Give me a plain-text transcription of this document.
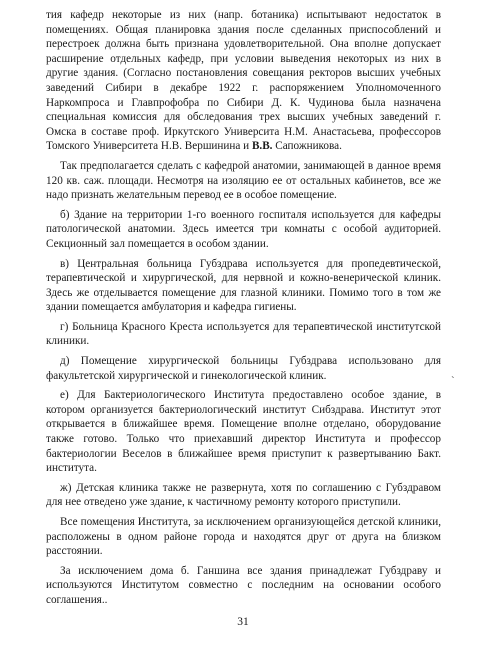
тия кафедр некоторые из них (напр. ботаника) испытывают недостаток в помещениях. Общая планировка здания после сделанных приспособлений и перестроек должна быть признана удовлетворительной. Она вполне допускает расширение отдельных кафедр, при условии выведения некоторых из них в другие здания. (Согласно постановления совещания ректоров высших учебных заведений Сибири в декабре 1922 г. распоряжением Уполномоченного Наркомпроса и Главпрофобра по Сибири Д. К. Чудинова была назначена специальная комиссия для обследования трех высших учебных заведений г. Омска в составе проф. Иркутского Университа Н.М. Анастасьева, профессоров Томского Университета Н.В. Вершинина и В.В. Сапожникова.

Так предполагается сделать с кафедрой анатомии, занимающей в данное время 120 кв. саж. площади. Несмотря на изоляцию ее от остальных кабинетов, все же надо признать желательным перевод ее в особое помещение.

б) Здание на территории 1-го военного госпиталя используется для кафедры патологической анатомии. Здесь имеется три комнаты с особой аудиторией. Секционный зал помещается в особом здании.

в) Центральная больница Губздрава используется для пропедевтической, терапевтической и хирургической, для нервной и кожно-венерической клиник. Здесь же отделывается помещение для глазной клиники. Помимо того в том же здании помещается амбулатория и кафедра гигиены.

г) Больница Красного Креста используется для терапевтической институтской клиники.

д) Помещение хирургической больницы Губздрава использовано для факультетской хирургической и гинекологической клиник.

е) Для Бактериологического Института предоставлено особое здание, в котором организуется бактериологический институт Сибздрава. Институт этот открывается в ближайшее время. Помещение вполне отделано, оборудование также готово. Только что приехавший директор Института и профессор бактериологии Веселов в ближайшее время приступит к развертыванию Бакт. института.

ж) Детская клиника также не развернута, хотя по соглашению с Губздравом для нее отведено уже здание, к частичному ремонту которого приступили.

Все помещения Института, за исключением организующейся детской клиники, расположены в одном районе города и находятся друг от друга на близком расстоянии.

За исключением дома б. Ганшина все здания принадлежат Губздраву и используются Институтом совместно с последним на основании особого соглашения..

`
31
